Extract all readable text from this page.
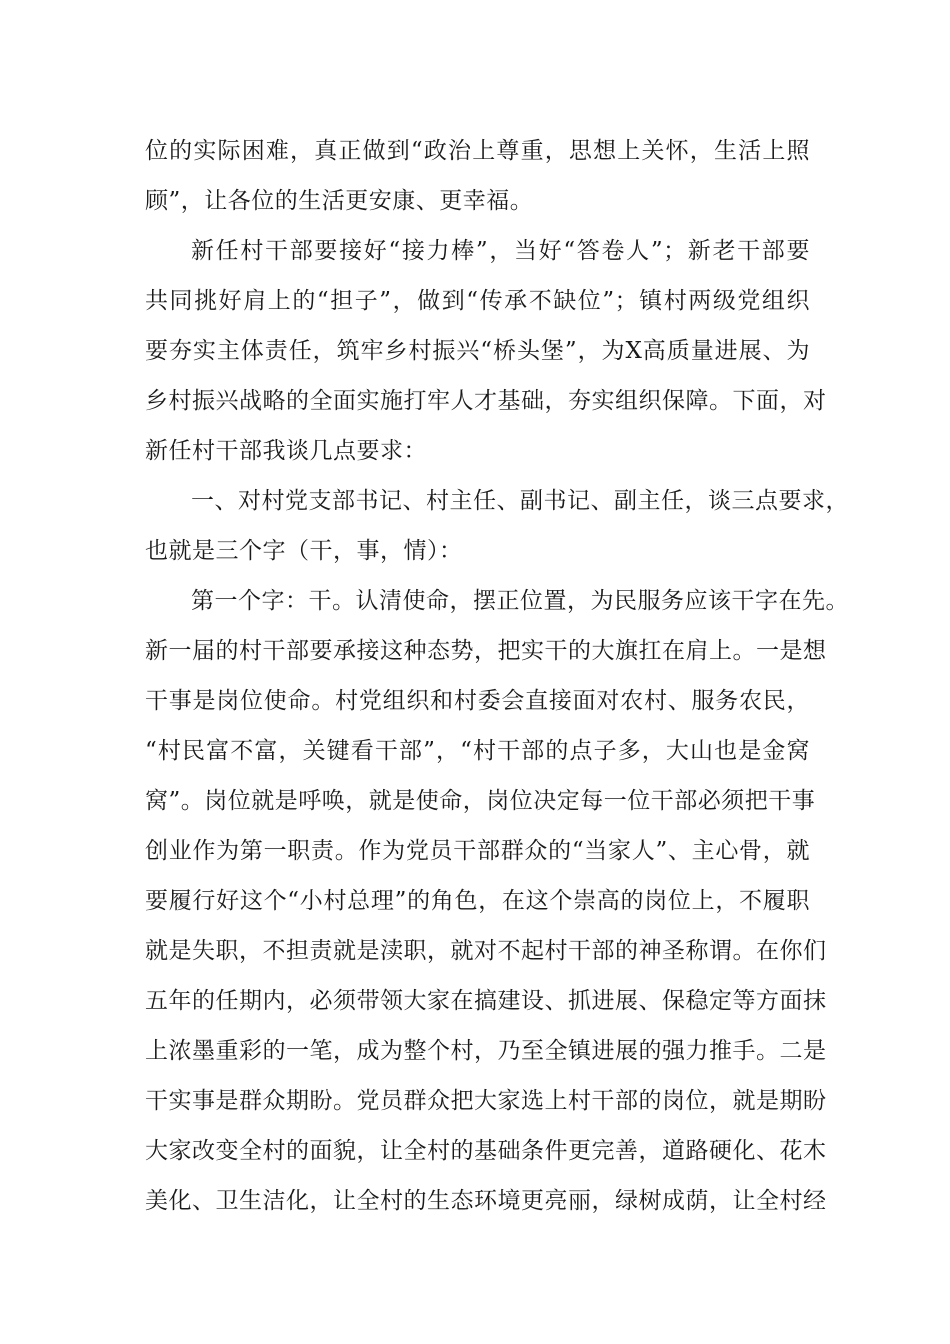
位的实际困难，真正做到“政治上尊重，思想上关怀，生活上照
顾”，让各位的生活更安康、更幸福。
新任村干部要接好“接力棒”，当好“答卷人”；新老干部要
共同挑好肩上的“担子”，做到“传承不缺位”；镇村两级党组织
要夯实主体责任，筑牢乡村振兴“桥头堡”，为X高质量进展、为
乡村振兴战略的全面实施打牢人才基础，夯实组织保障。下面，对
新任村干部我谈几点要求：
一、对村党支部书记、村主任、副书记、副主任，谈三点要求，
也就是三个字（干，事，情）：
第一个字：干。认清使命，摆正位置，为民服务应该干字在先。
新一届的村干部要承接这种态势，把实干的大旗扛在肩上。一是想
干事是岗位使命。村党组织和村委会直接面对农村、服务农民，
“村民富不富，关键看干部”，“村干部的点子多，大山也是金窝
窝”。岗位就是呼唤，就是使命，岗位决定每一位干部必须把干事
创业作为第一职责。作为党员干部群众的“当家人”、主心骨，就
要履行好这个“小村总理”的角色，在这个崇高的岗位上，不履职
就是失职，不担责就是渎职，就对不起村干部的神圣称谓。在你们
五年的任期内，必须带领大家在搞建设、抓进展、保稳定等方面抹
上浓墨重彩的一笔，成为整个村，乃至全镇进展的强力推手。二是
干实事是群众期盼。党员群众把大家选上村干部的岗位，就是期盼
大家改变全村的面貌，让全村的基础条件更完善，道路硬化、花木
美化、卫生洁化，让全村的生态环境更亮丽，绿树成荫，让全村经
